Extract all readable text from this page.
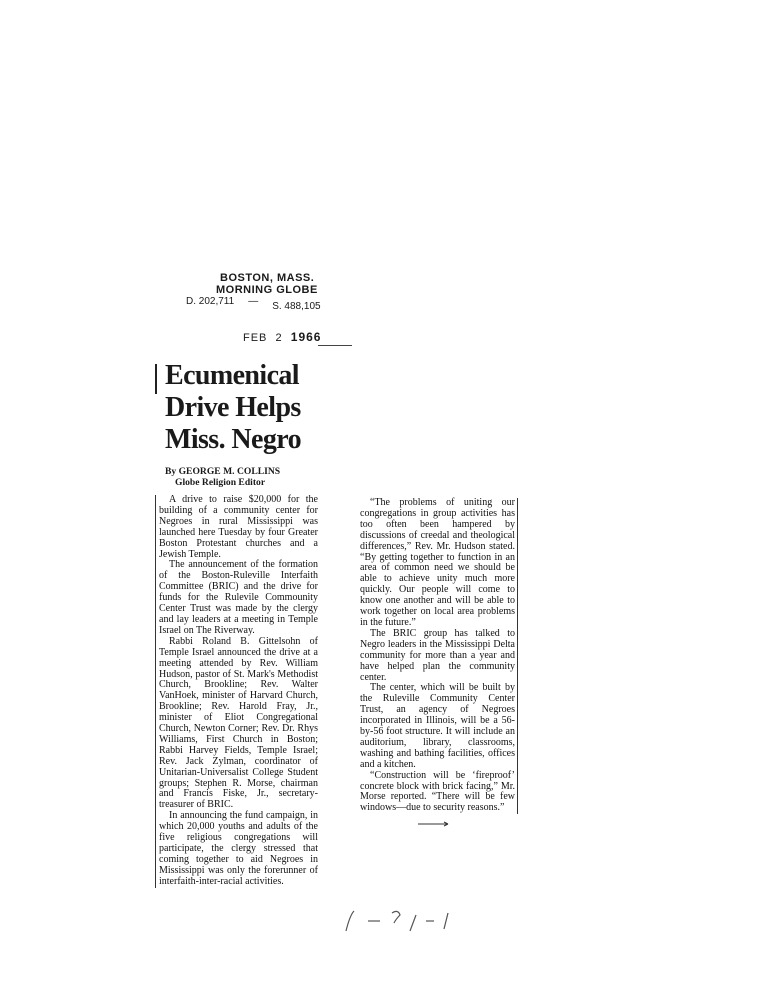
BOSTON, MASS.
MORNING GLOBE
D. 202,711 — S. 488,105
FEB 2 1966
Ecumenical
Drive Helps
Miss. Negro
By GEORGE M. COLLINS
Globe Religion Editor

A drive to raise $20,000 for the building of a community center for Negroes in rural Mississippi was launched here Tuesday by four Greater Boston Protestant churches and a Jewish Temple.

The announcement of the formation of the Boston-Ruleville Interfaith Committee (BRIC) and the drive for funds for the Rulevile Commounity Center Trust was made by the clergy and lay leaders at a meeting in Temple Israel on The Riverway.

Rabbi Roland B. Gittelsohn of Temple Israel announced the drive at a meeting attended by Rev. William Hudson, pastor of St. Mark's Methodist Church, Brookline; Rev. Walter VanHoek, minister of Harvard Church, Brookline; Rev. Harold Fray, Jr., minister of Eliot Congregational Church, Newton Corner; Rev. Dr. Rhys Williams, First Church in Boston; Rabbi Harvey Fields, Temple Israel; Rev. Jack Zylman, coordinator of Unitarian-Universalist College Student groups; Stephen R. Morse, chairman and Francis Fiske, Jr., secretary-treasurer of BRIC.

In announcing the fund campaign, in which 20,000 youths and adults of the five religious congregations will participate, the clergy stressed that coming together to aid Negroes in Mississippi was only the forerunner of interfaith-inter-racial activities.

“The problems of uniting our congregations in group activities has too often been hampered by discussions of creedal and theological differences,” Rev. Mr. Hudson stated. “By getting together to function in an area of common need we should be able to achieve unity much more quickly. Our people will come to know one another and will be able to work together on local area problems in the future.”

The BRIC group has talked to Negro leaders in the Mississippi Delta community for more than a year and have helped plan the community center.

The center, which will be built by the Ruleville Community Center Trust, an agency of Negroes incorporated in Illinois, will be a 56-by-56 foot structure. It will include an auditorium, library, classrooms, washing and bathing facilities, offices and a kitchen.

“Construction will be ‘fireproof’ concrete block with brick facing,” Mr. Morse reported. “There will be few windows—due to security reasons.”
